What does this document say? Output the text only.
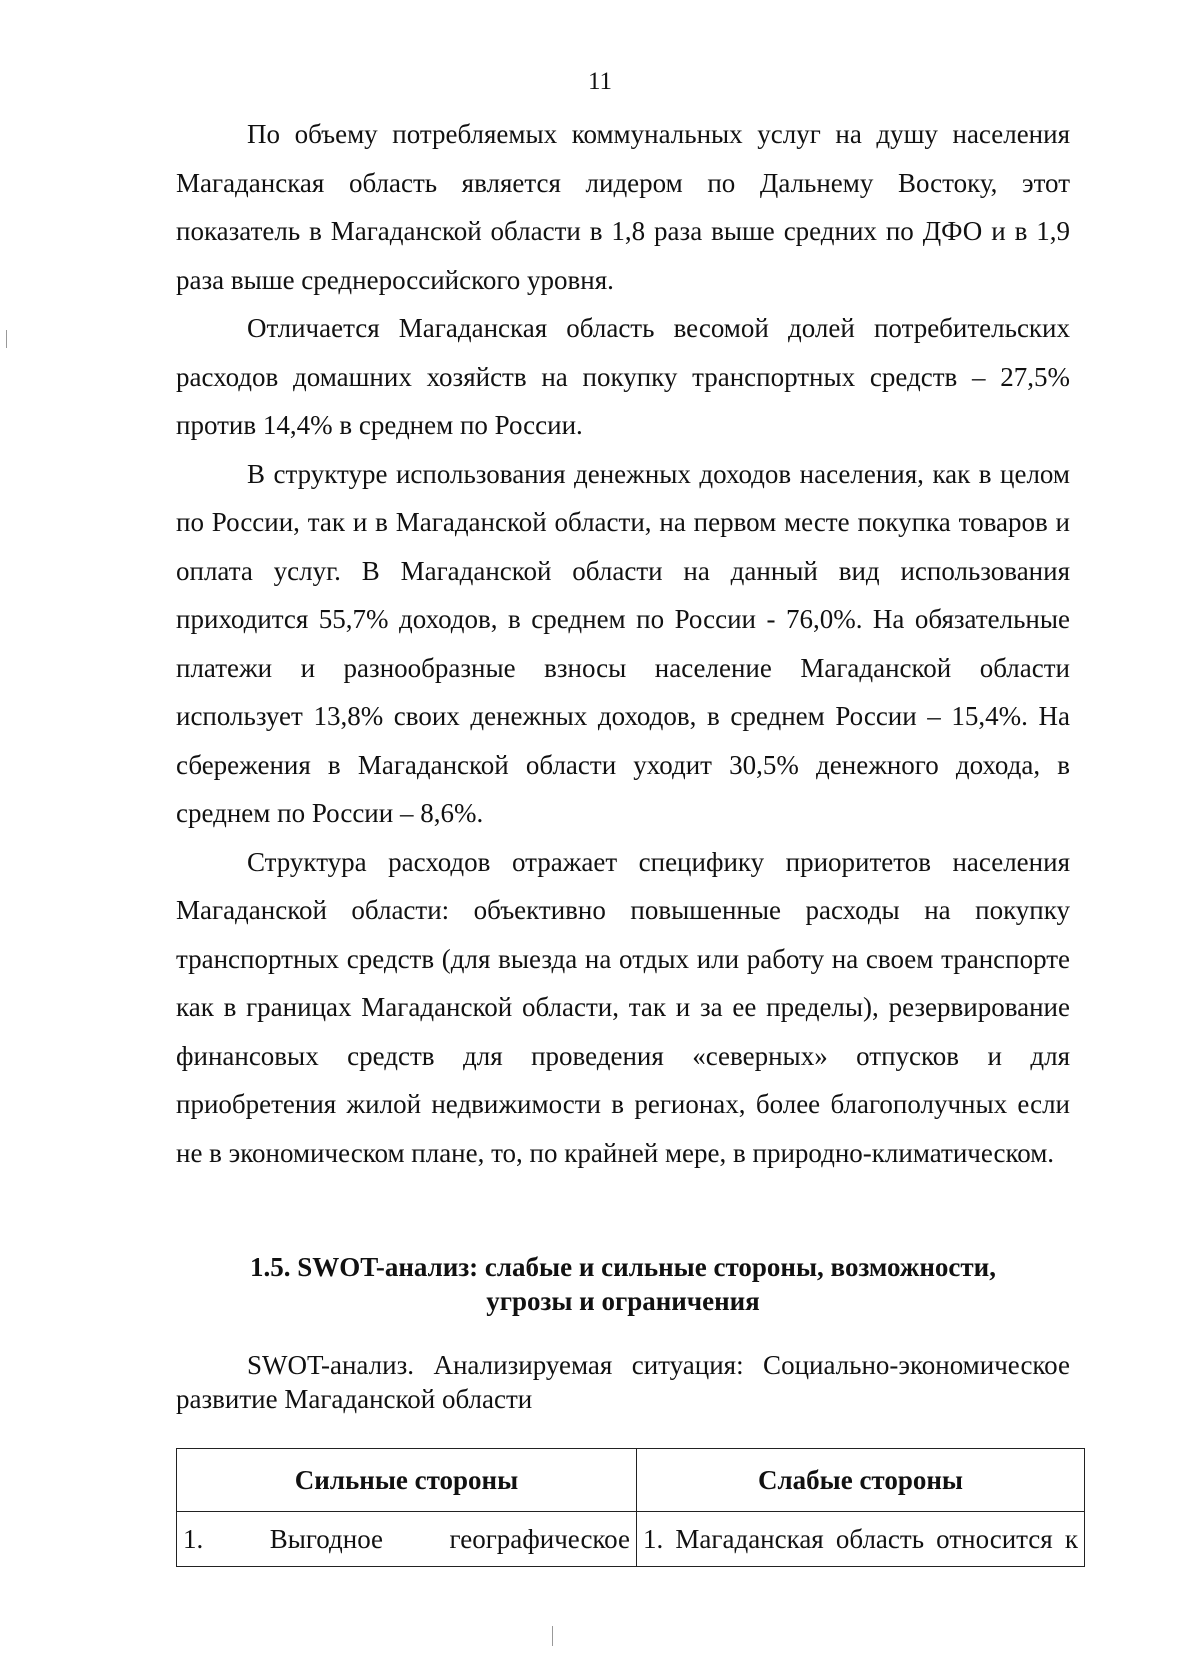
11

По объему потребляемых коммунальных услуг на душу населения Магаданская область является лидером по Дальнему Востоку, этот показатель в Магаданской области в 1,8 раза выше средних по ДФО и в 1,9 раза выше среднероссийского уровня.

Отличается Магаданская область весомой долей потребительских расходов домашних хозяйств на покупку транспортных средств – 27,5% против 14,4% в среднем по России.

В структуре использования денежных доходов населения, как в целом по России, так и в Магаданской области, на первом месте покупка товаров и оплата услуг. В Магаданской области на данный вид использования приходится 55,7% доходов, в среднем по России - 76,0%. На обязательные платежи и разнообразные взносы население Магаданской области использует 13,8% своих денежных доходов, в среднем России – 15,4%. На сбережения в Магаданской области уходит 30,5% денежного дохода, в среднем по России – 8,6%.

Структура расходов отражает специфику приоритетов населения Магаданской области: объективно повышенные расходы на покупку транспортных средств (для выезда на отдых или работу на своем транспорте как в границах Магаданской области, так и за ее пределы), резервирование финансовых средств для проведения «северных» отпусков и для приобретения жилой недвижимости в регионах, более благополучных если не в экономическом плане, то, по крайней мере, в природно-климатическом.

1.5. SWOT-анализ: слабые и сильные стороны, возможности,
угрозы и ограничения

SWOT-анализ. Анализируемая ситуация: Социально-экономическое развитие Магаданской области

Сильные стороны	Слабые стороны
1. Выгодное географическое	1. Магаданская область относится к
